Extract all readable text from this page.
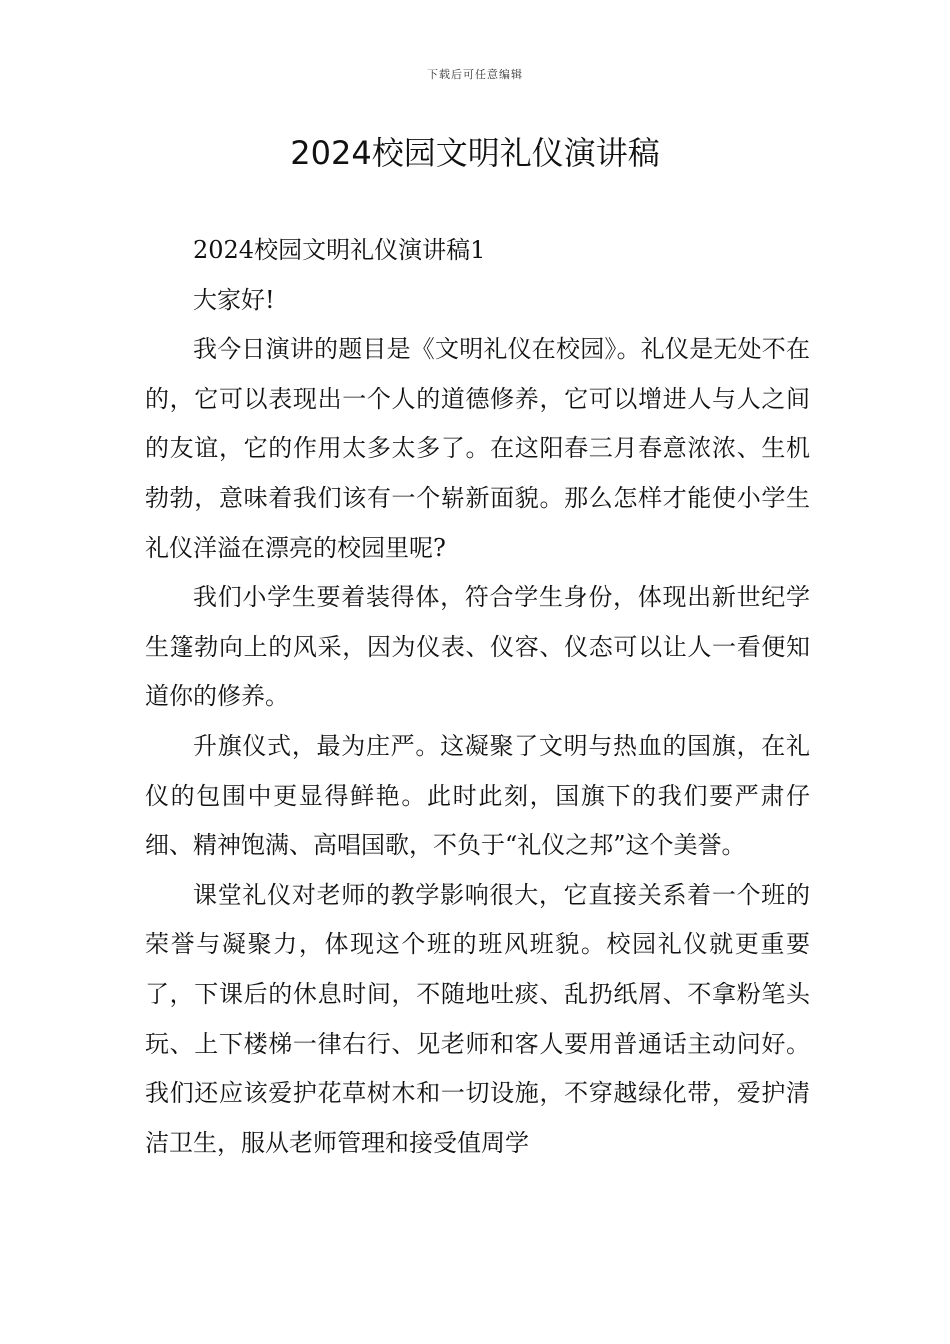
下载后可任意编辑
2024校园文明礼仪演讲稿

2024校园文明礼仪演讲稿1

大家好!

我今日演讲的题目是《文明礼仪在校园》。礼仪是无处不在的，它可以表现出一个人的道德修养，它可以增进人与人之间的友谊，它的作用太多太多了。在这阳春三月春意浓浓、生机勃勃，意味着我们该有一个崭新面貌。那么怎样才能使小学生礼仪洋溢在漂亮的校园里呢?

我们小学生要着装得体，符合学生身份，体现出新世纪学生篷勃向上的风采，因为仪表、仪容、仪态可以让人一看便知道你的修养。

升旗仪式，最为庄严。这凝聚了文明与热血的国旗，在礼仪的包围中更显得鲜艳。此时此刻，国旗下的我们要严肃仔细、精神饱满、高唱国歌，不负于“礼仪之邦”这个美誉。

课堂礼仪对老师的教学影响很大，它直接关系着一个班的荣誉与凝聚力，体现这个班的班风班貌。校园礼仪就更重要了，下课后的休息时间，不随地吐痰、乱扔纸屑、不拿粉笔头玩、上下楼梯一律右行、见老师和客人要用普通话主动问好。我们还应该爱护花草树木和一切设施，不穿越绿化带，爱护清洁卫生，服从老师管理和接受值周学
